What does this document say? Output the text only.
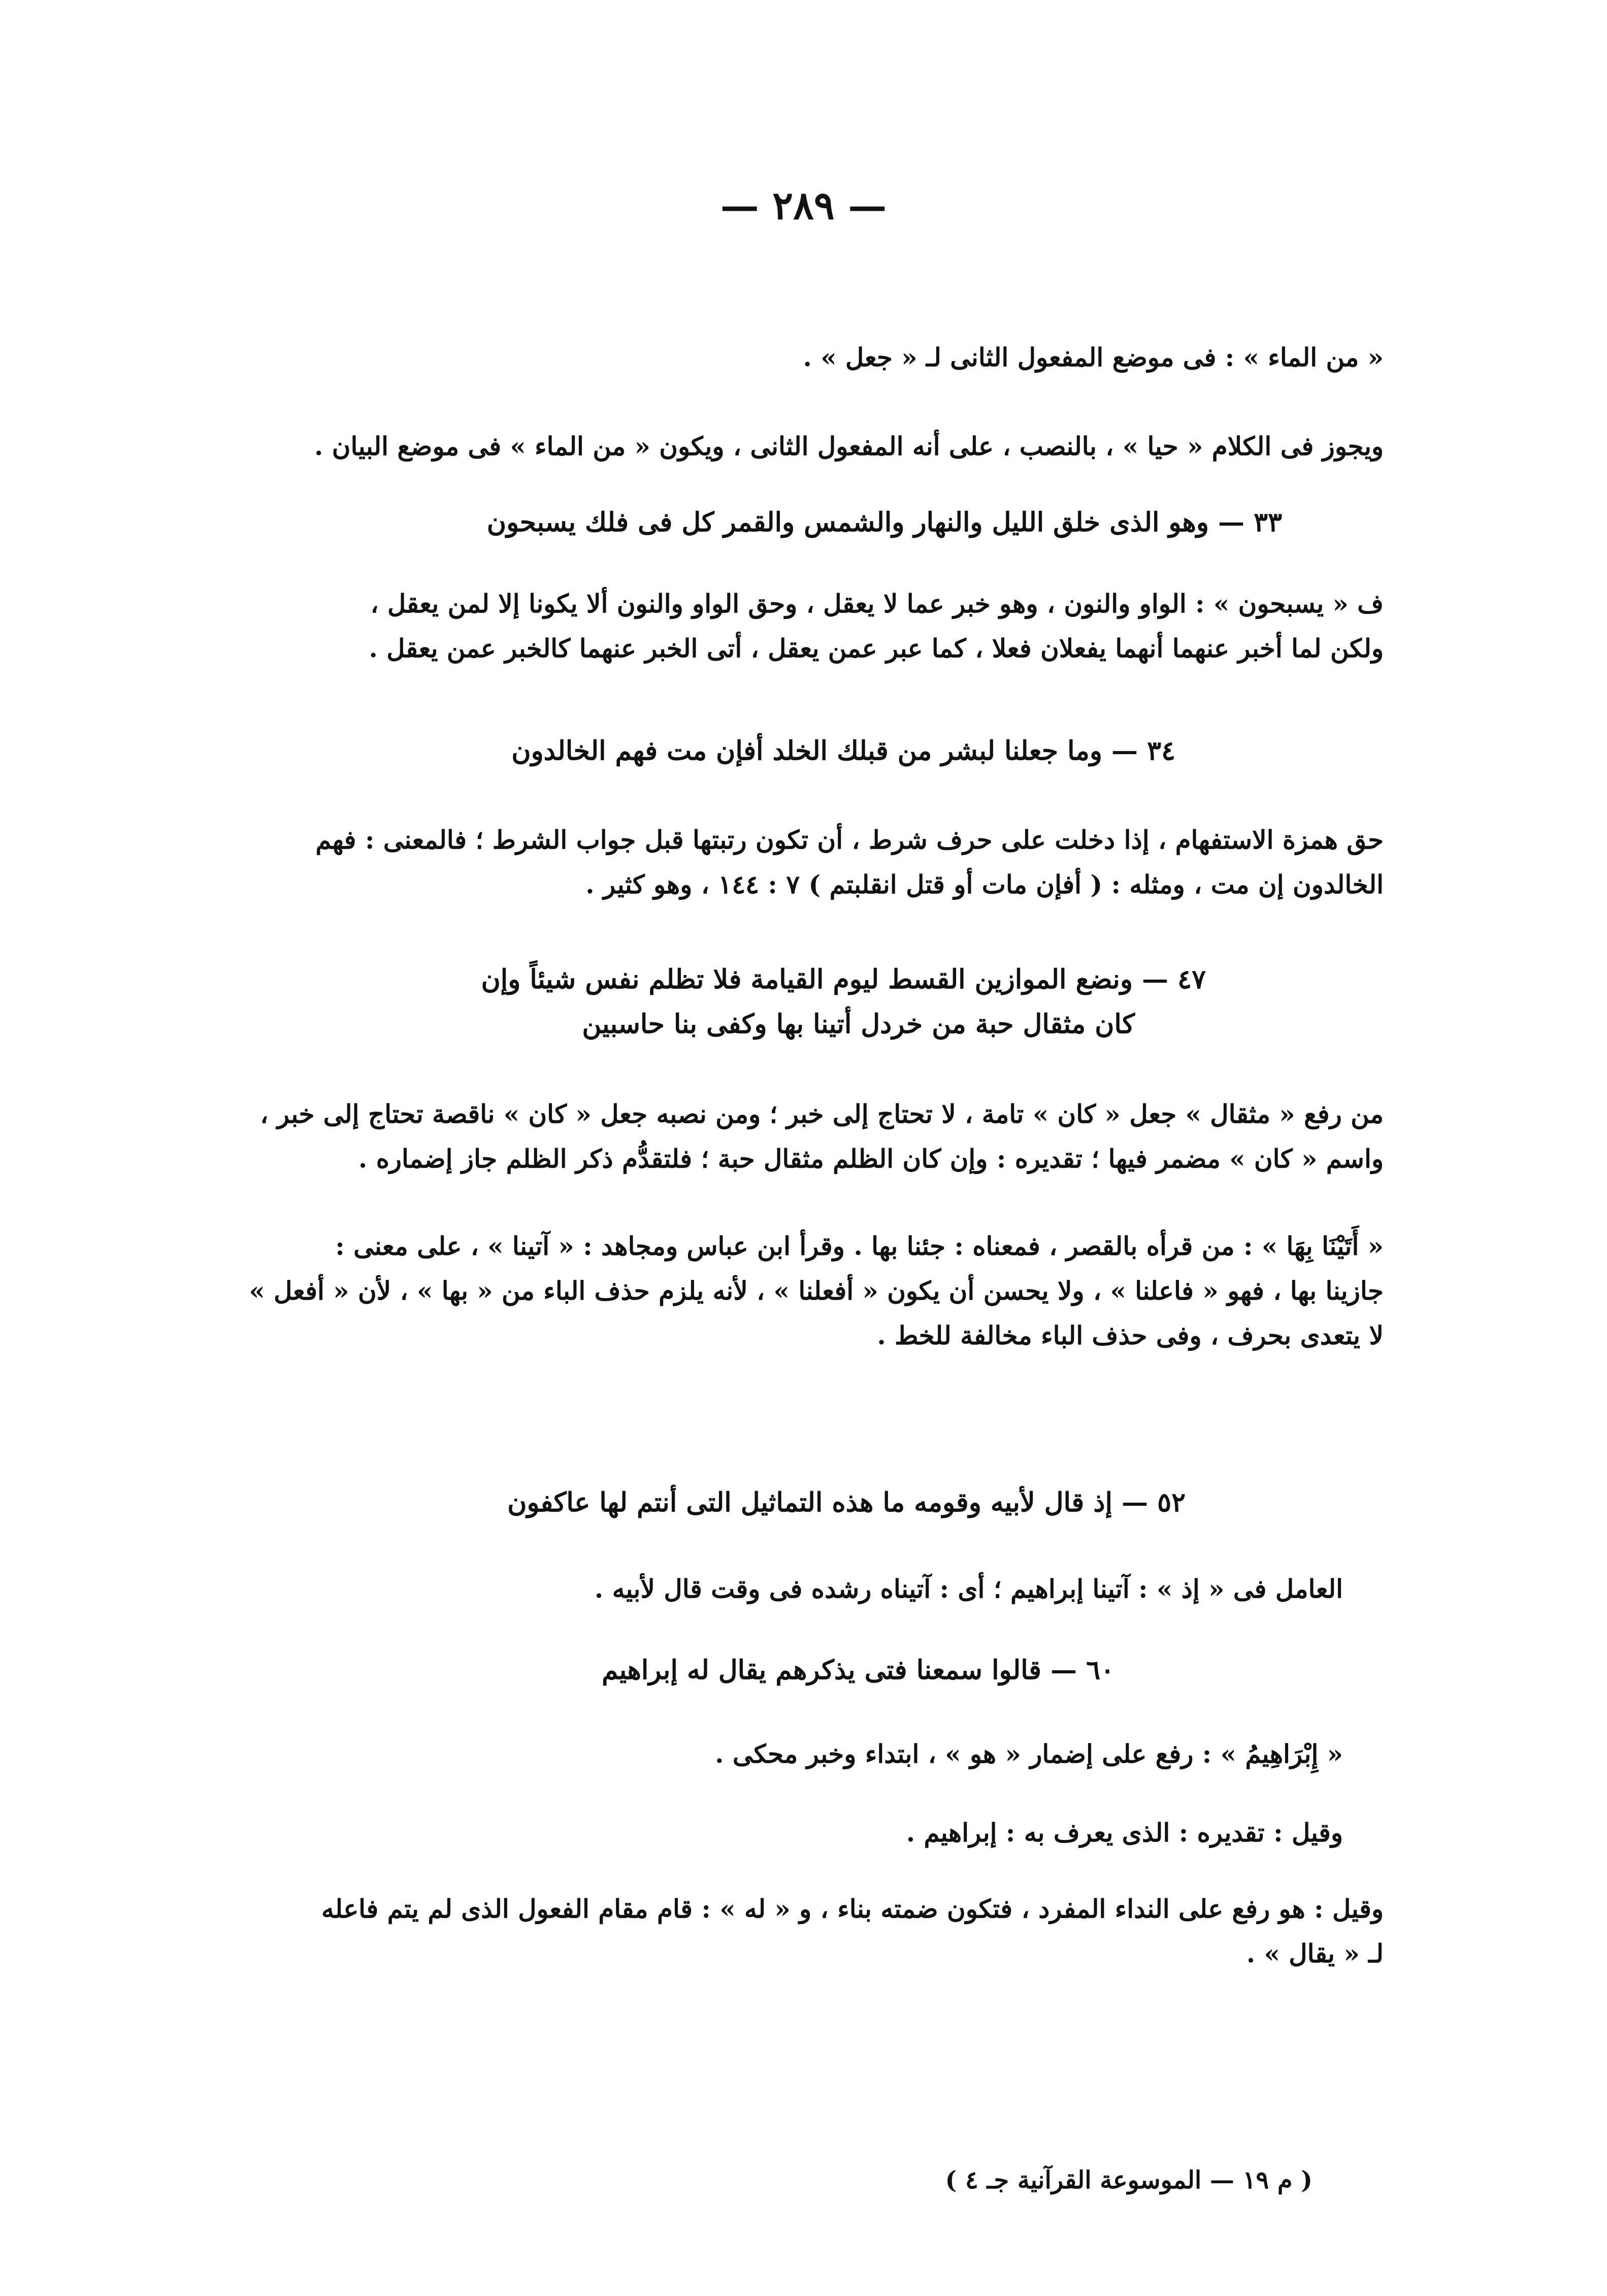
— ٢٨٩ —
« من الماء » : فى موضع المفعول الثانى لـ « جعل » .
ويجوز فى الكلام « حيا » ، بالنصب ، على أنه المفعول الثانى ، ويكون « من الماء » فى موضع البيان .
٣٣ — وهو الذى خلق الليل والنهار والشمس والقمر كل فى فلك يسبحون
ف « يسبحون » : الواو والنون ، وهو خبر عما لا يعقل ، وحق الواو والنون ألا يكونا إلا لمن يعقل ،
ولكن لما أخبر عنهما أنهما يفعلان فعلا ، كما عبر عمن يعقل ، أتى الخبر عنهما كالخبر عمن يعقل .
٣٤ — وما جعلنا لبشر من قبلك الخلد أفإن مت فهم الخالدون
حق همزة الاستفهام ، إذا دخلت على حرف شرط ، أن تكون رتبتها قبل جواب الشرط ؛ فالمعنى : فهم
الخالدون إن مت ، ومثله : ( أفإن مات أو قتل انقلبتم ) ٧ : ١٤٤ ، وهو كثير .
٤٧ — ونضع الموازين القسط ليوم القيامة فلا تظلم نفس شيئاً وإن
كان مثقال حبة من خردل أتينا بها وكفى بنا حاسبين
من رفع « مثقال » جعل « كان » تامة ، لا تحتاج إلى خبر ؛ ومن نصبه جعل « كان » ناقصة تحتاج إلى خبر ،
واسم « كان » مضمر فيها ؛ تقديره : وإن كان الظلم مثقال حبة ؛ فلتقدُّم ذكر الظلم جاز إضماره .
« أَتَيْنَا بِهَا » : من قرأه بالقصر ، فمعناه : جئنا بها . وقرأ ابن عباس ومجاهد : « آتينا » ، على معنى :
جازينا بها ، فهو « فاعلنا » ، ولا يحسن أن يكون « أفعلنا » ، لأنه يلزم حذف الباء من « بها » ، لأن « أفعل »
لا يتعدى بحرف ، وفى حذف الباء مخالفة للخط .
٥٢ — إذ قال لأبيه وقومه ما هذه التماثيل التى أنتم لها عاكفون
العامل فى « إذ » : آتينا إبراهيم ؛ أى : آتيناه رشده فى وقت قال لأبيه .
٦٠ — قالوا سمعنا فتى يذكرهم يقال له إبراهيم
« إِبْرَاهِيمُ » : رفع على إضمار « هو » ، ابتداء وخبر محكى .
وقيل : تقديره : الذى يعرف به : إبراهيم .
وقيل : هو رفع على النداء المفرد ، فتكون ضمته بناء ، و « له » : قام مقام الفعول الذى لم يتم فاعله
لـ « يقال » .
( م ١٩ — الموسوعة القرآنية جـ ٤ )
